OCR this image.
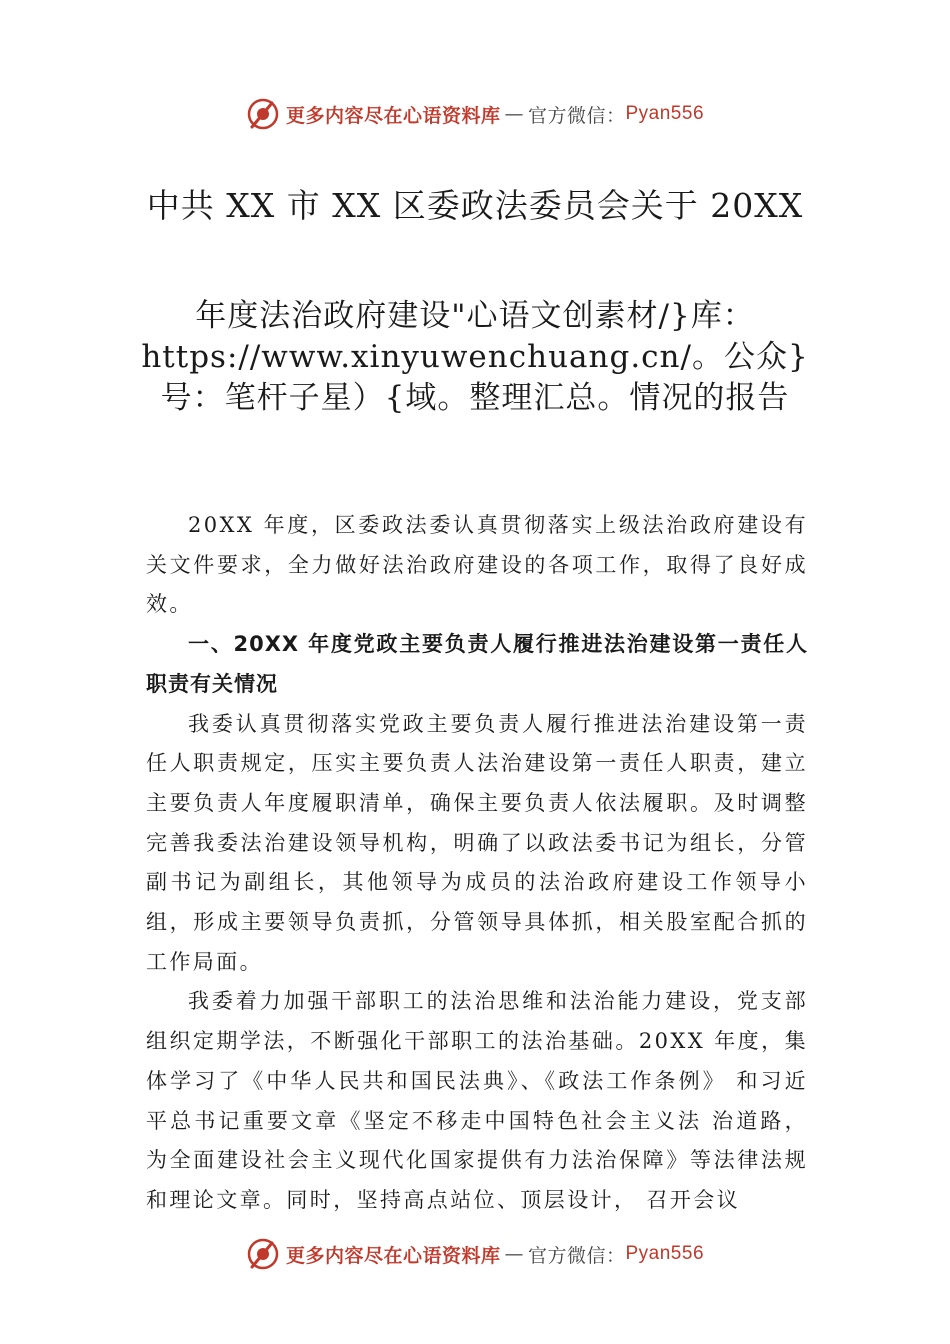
更多内容尽在心语资料库 — 官方微信： Pyan556
中共 XX 市 XX 区委政法委员会关于 20XX
年度法治政府建设"心语文创素材/}库：https://www.xinyuwenchuang.cn/。公众}号：笔杆子星）{域。整理汇总。情况的报告

20XX 年度，区委政法委认真贯彻落实上级法治政府建设有关文件要求，全力做好法治政府建设的各项工作，取得了良好成效。

一、20XX 年度党政主要负责人履行推进法治建设第一责任人职责有关情况

我委认真贯彻落实党政主要负责人履行推进法治建设第一责任人职责规定，压实主要负责人法治建设第一责任人职责，建立主要负责人年度履职清单，确保主要负责人依法履职。及时调整完善我委法治建设领导机构，明确了以政法委书记为组长，分管副书记为副组长，其他领导为成员的法治政府建设工作领导小组，形成主要领导负责抓，分管领导具体抓，相关股室配合抓的工作局面。

我委着力加强干部职工的法治思维和法治能力建设，党支部组织定期学法，不断强化干部职工的法治基础。20XX 年度，集体学习了《中华人民共和国民法典》、《政法工作条例》 和习近平总书记重要文章《坚定不移走中国特色社会主义法 治道路，为全面建设社会主义现代化国家提供有力法治保障》等法律法规和理论文章。同时，坚持高点站位、顶层设计， 召开会议

更多内容尽在心语资料库 — 官方微信： Pyan556
